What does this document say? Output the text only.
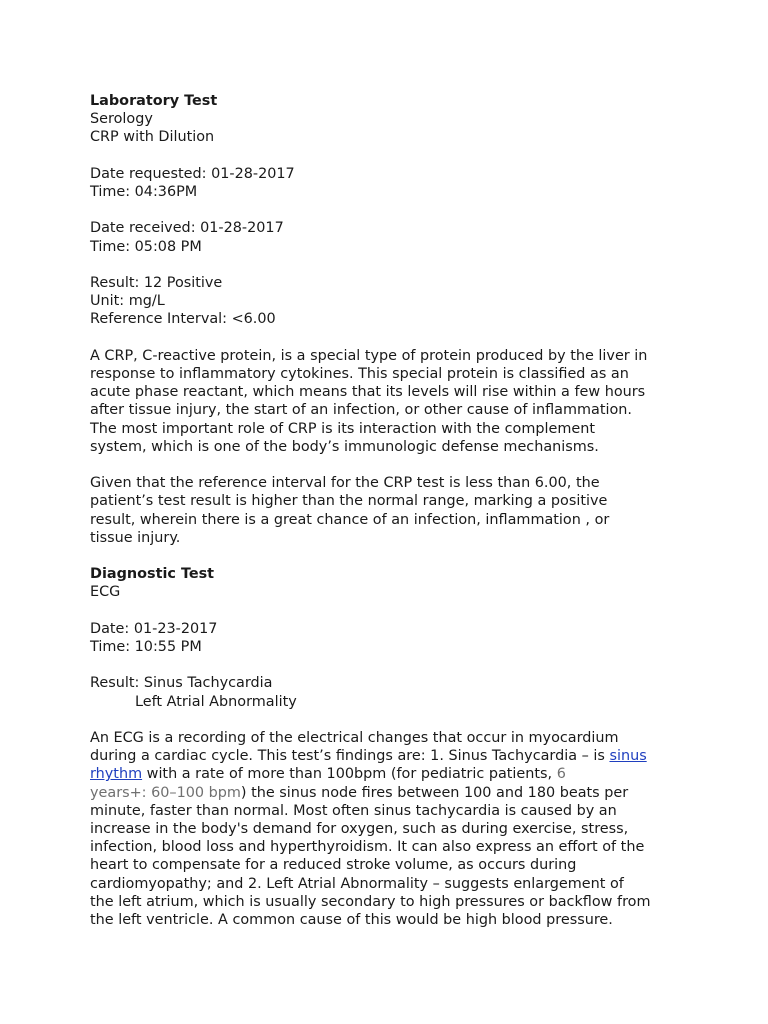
Laboratory Test
Serology
CRP with Dilution
Date requested: 01-28-2017
Time: 04:36PM
Date received: 01-28-2017
Time: 05:08 PM
Result: 12 Positive
Unit: mg/L
Reference Interval: <6.00
A CRP, C-reactive protein, is a special type of protein produced by the liver in
response to inflammatory cytokines. This special protein is classified as an
acute phase reactant, which means that its levels will rise within a few hours
after tissue injury, the start of an infection, or other cause of inflammation.
The most important role of CRP is its interaction with the complement
system, which is one of the body’s immunologic defense mechanisms.
Given that the reference interval for the CRP test is less than 6.00, the
patient’s test result is higher than the normal range, marking a positive
result, wherein there is a great chance of an infection, inflammation , or
tissue injury.
Diagnostic Test
ECG
Date: 01-23-2017
Time: 10:55 PM
Result: Sinus Tachycardia
Left Atrial Abnormality
An ECG is a recording of the electrical changes that occur in myocardium
during a cardiac cycle. This test’s findings are: 1. Sinus Tachycardia – is sinus
rhythm with a rate of more than 100bpm (for pediatric patients, 6
years+: 60–100 bpm) the sinus node fires between 100 and 180 beats per
minute, faster than normal. Most often sinus tachycardia is caused by an
increase in the body's demand for oxygen, such as during exercise, stress,
infection, blood loss and hyperthyroidism. It can also express an effort of the
heart to compensate for a reduced stroke volume, as occurs during
cardiomyopathy; and 2. Left Atrial Abnormality – suggests enlargement of
the left atrium, which is usually secondary to high pressures or backflow from
the left ventricle. A common cause of this would be high blood pressure.
